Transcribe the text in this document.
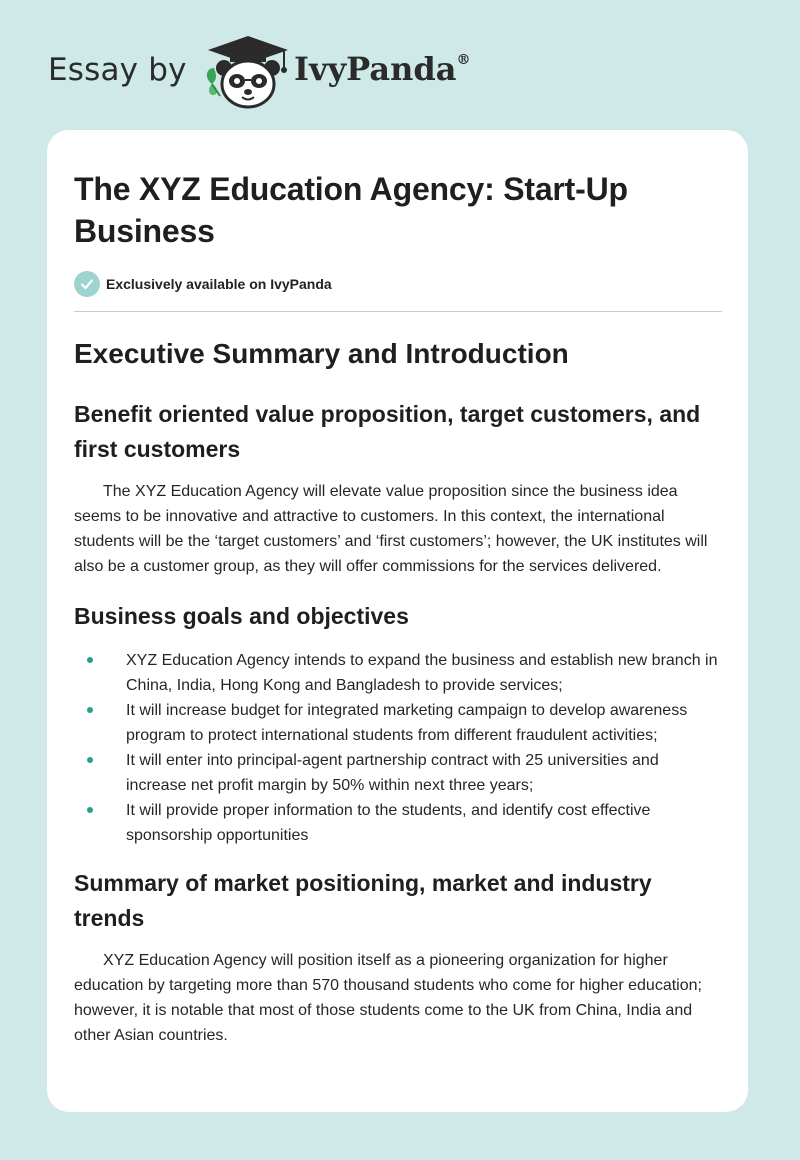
Essay by	IvyPanda®
The XYZ Education Agency: Start-Up Business
Exclusively available on IvyPanda
Executive Summary and Introduction
Benefit oriented value proposition, target customers, and first customers

The XYZ Education Agency will elevate value proposition since the business idea seems to be innovative and attractive to customers. In this context, the international students will be the ‘target customers’ and ‘first customers’; however, the UK institutes will also be a customer group, as they will offer commissions for the services delivered.

Business goals and objectives
XYZ Education Agency intends to expand the business and establish new branch in China, India, Hong Kong and Bangladesh to provide services;
It will increase budget for integrated marketing campaign to develop awareness program to protect international students from different fraudulent activities;
It will enter into principal-agent partnership contract with 25 universities and increase net profit margin by 50% within next three years;
It will provide proper information to the students, and identify cost effective sponsorship opportunities
Summary of market positioning, market and industry trends

XYZ Education Agency will position itself as a pioneering organization for higher education by targeting more than 570 thousand students who come for higher education; however, it is notable that most of those students come to the UK from China, India and other Asian countries.
